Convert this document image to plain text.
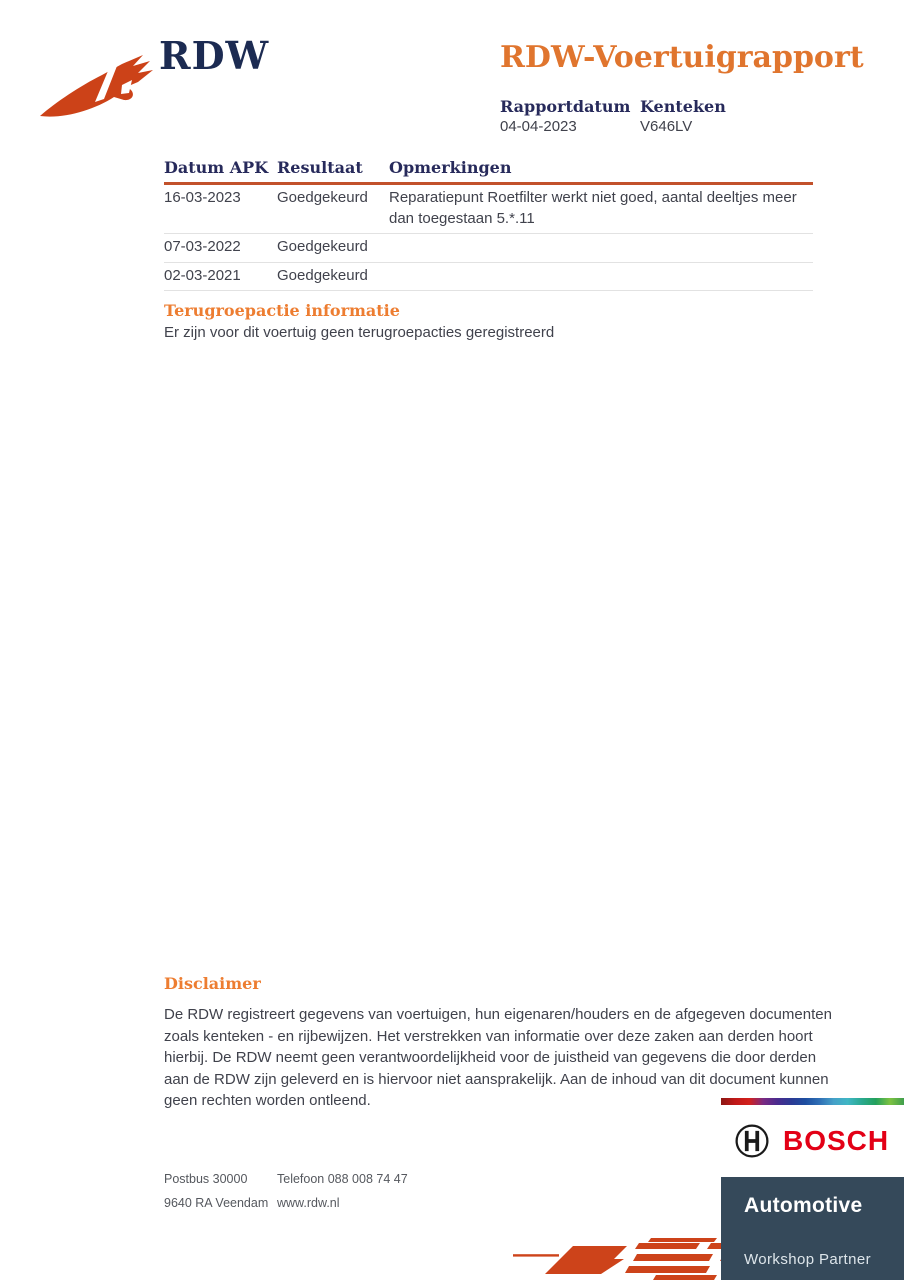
RDW	RDW-Voertuigrapport
Rapportdatum
04-04-2023
Kenteken
V646LV
Datum APK Resultaat	Opmerkingen
16-03-2023	Goedgekeurd	Reparatiepunt Roetfilter werkt niet goed, aantal deeltjes meer dan toegestaan 5.*.11
07-03-2022	Goedgekeurd
02-03-2021	Goedgekeurd
Terugroepactie informatie
Er zijn voor dit voertuig geen terugroepacties geregistreerd
Disclaimer
De RDW registreert gegevens van voertuigen, hun eigenaren/houders en de afgegeven documenten zoals kenteken - en rijbewijzen. Het verstrekken van informatie over deze zaken aan derden hoort hierbij. De RDW neemt geen verantwoordelijkheid voor de juistheid van gegevens die door derden aan de RDW zijn geleverd en is hiervoor niet aansprakelijk. Aan de inhoud van dit document kunnen geen rechten worden ontleend.
Postbus 30000
9640 RA Veendam
Telefoon 088 008 74 47
www.rdw.nl
BOSCH
Automotive
Workshop Partner
